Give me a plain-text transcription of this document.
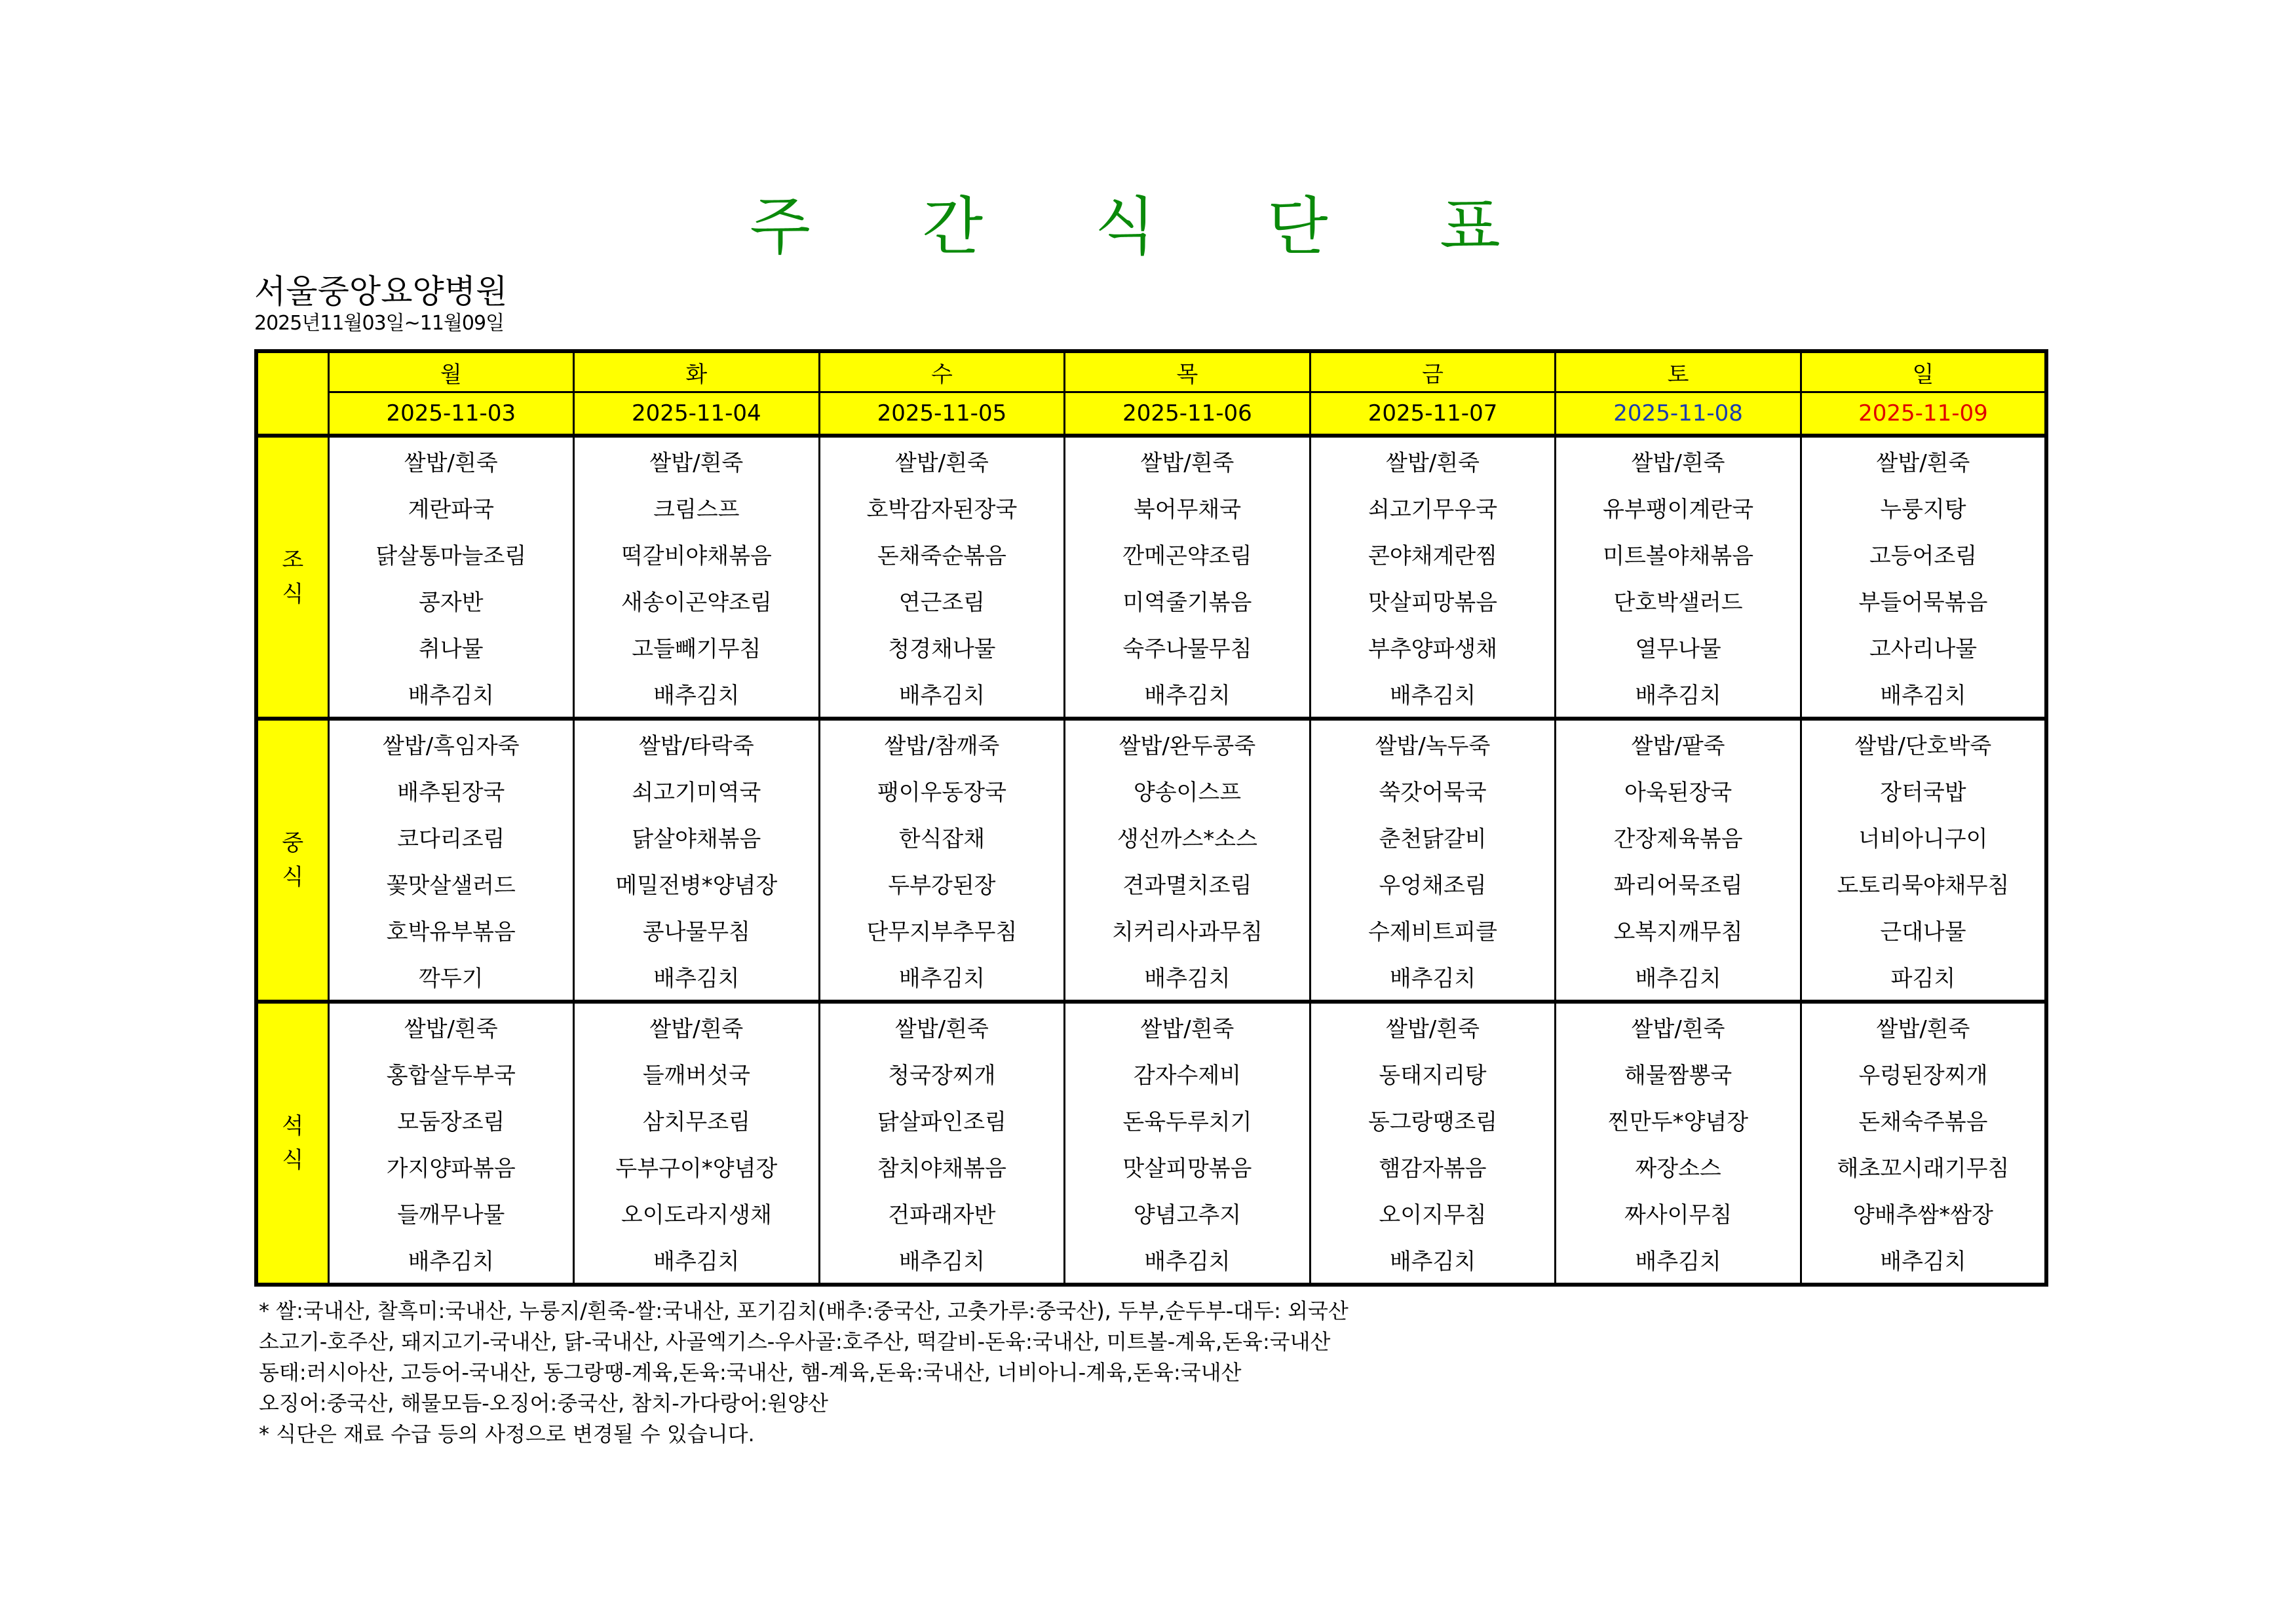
주 간 식 단 표
서울중앙요양병원
2025년11월03일~11월09일
	월	화	수	목	금	토	일
	2025-11-03	2025-11-04	2025-11-05	2025-11-06	2025-11-07	2025-11-08	2025-11-09
조식	쌀밥/흰죽	쌀밥/흰죽	쌀밥/흰죽	쌀밥/흰죽	쌀밥/흰죽	쌀밥/흰죽	쌀밥/흰죽
	계란파국	크림스프	호박감자된장국	북어무채국	쇠고기무우국	유부팽이계란국	누룽지탕
	닭살통마늘조림	떡갈비야채볶음	돈채죽순볶음	깐메곤약조림	콘야채계란찜	미트볼야채볶음	고등어조림
	콩자반	새송이곤약조림	연근조림	미역줄기볶음	맛살피망볶음	단호박샐러드	부들어묵볶음
	취나물	고들빼기무침	청경채나물	숙주나물무침	부추양파생채	열무나물	고사리나물
	배추김치	배추김치	배추김치	배추김치	배추김치	배추김치	배추김치
중식	쌀밥/흑임자죽	쌀밥/타락죽	쌀밥/참깨죽	쌀밥/완두콩죽	쌀밥/녹두죽	쌀밥/팥죽	쌀밥/단호박죽
	배추된장국	쇠고기미역국	팽이우동장국	양송이스프	쑥갓어묵국	아욱된장국	장터국밥
	코다리조림	닭살야채볶음	한식잡채	생선까스*소스	춘천닭갈비	간장제육볶음	너비아니구이
	꽃맛살샐러드	메밀전병*양념장	두부강된장	견과멸치조림	우엉채조림	꽈리어묵조림	도토리묵야채무침
	호박유부볶음	콩나물무침	단무지부추무침	치커리사과무침	수제비트피클	오복지깨무침	근대나물
	깍두기	배추김치	배추김치	배추김치	배추김치	배추김치	파김치
석식	쌀밥/흰죽	쌀밥/흰죽	쌀밥/흰죽	쌀밥/흰죽	쌀밥/흰죽	쌀밥/흰죽	쌀밥/흰죽
	홍합살두부국	들깨버섯국	청국장찌개	감자수제비	동태지리탕	해물짬뽕국	우렁된장찌개
	모둠장조림	삼치무조림	닭살파인조림	돈육두루치기	동그랑땡조림	찐만두*양념장	돈채숙주볶음
	가지양파볶음	두부구이*양념장	참치야채볶음	맛살피망볶음	햄감자볶음	짜장소스	해초꼬시래기무침
	들깨무나물	오이도라지생채	건파래자반	양념고추지	오이지무침	짜사이무침	양배추쌈*쌈장
	배추김치	배추김치	배추김치	배추김치	배추김치	배추김치	배추김치
* 쌀:국내산, 찰흑미:국내산, 누룽지/흰죽-쌀:국내산, 포기김치(배추:중국산, 고춧가루:중국산), 두부,순두부-대두: 외국산
소고기-호주산, 돼지고기-국내산, 닭-국내산, 사골엑기스-우사골:호주산, 떡갈비-돈육:국내산, 미트볼-계육,돈육:국내산
동태:러시아산, 고등어-국내산, 동그랑땡-계육,돈육:국내산, 햄-계육,돈육:국내산, 너비아니-계육,돈육:국내산
오징어:중국산, 해물모듬-오징어:중국산, 참치-가다랑어:원양산
* 식단은 재료 수급 등의 사정으로 변경될 수 있습니다.
